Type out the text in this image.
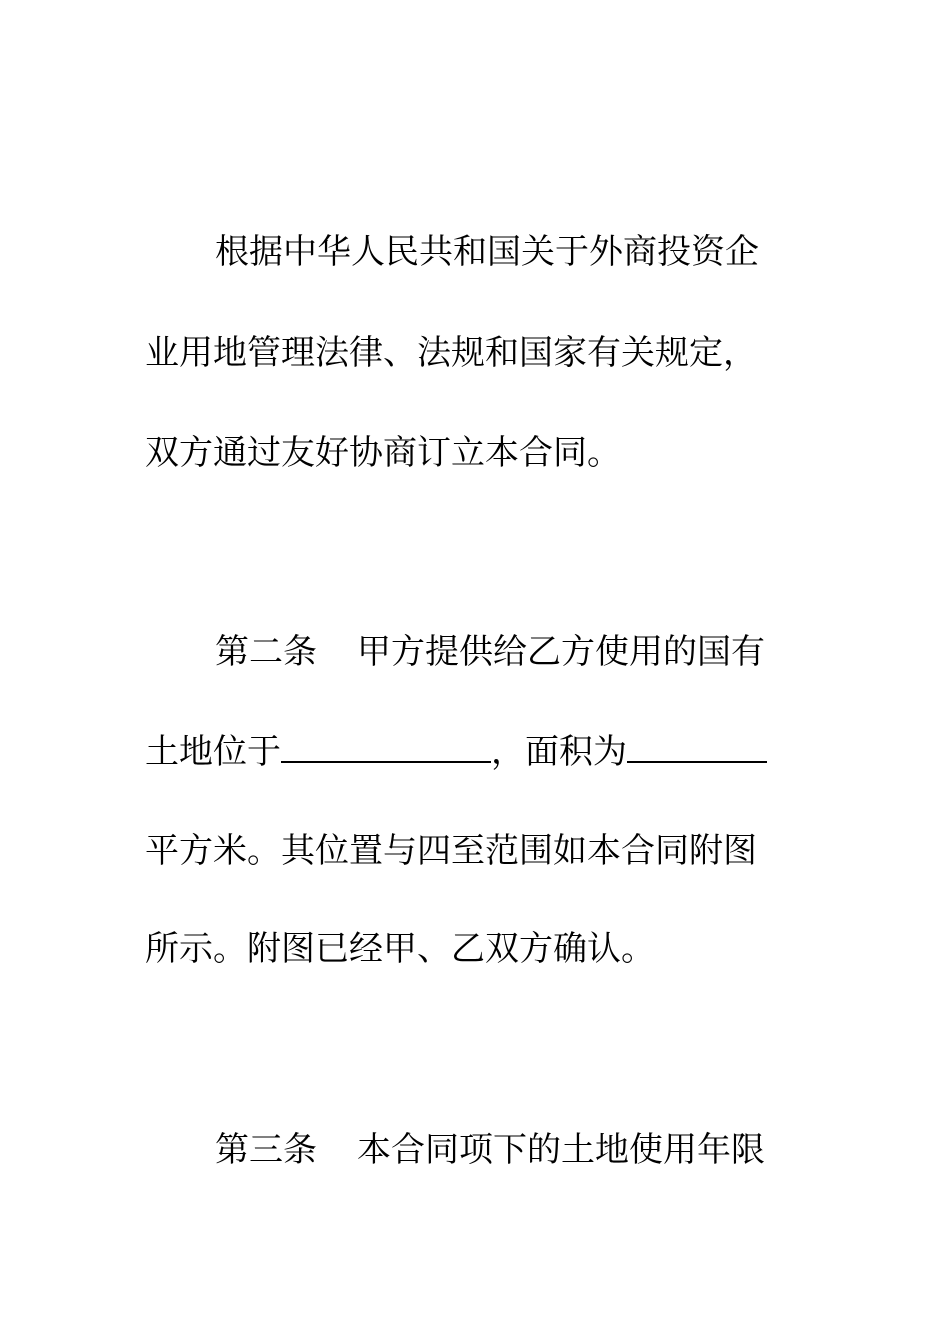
根据中华人民共和国关于外商投资企
业用地管理法律、法规和国家有关规定，
双方通过友好协商订立本合同。
第二条 甲方提供给乙方使用的国有
土地位于	，面积为
平方米。其位置与四至范围如本合同附图
所示。附图已经甲、乙双方确认。
第三条 本合同项下的土地使用年限
